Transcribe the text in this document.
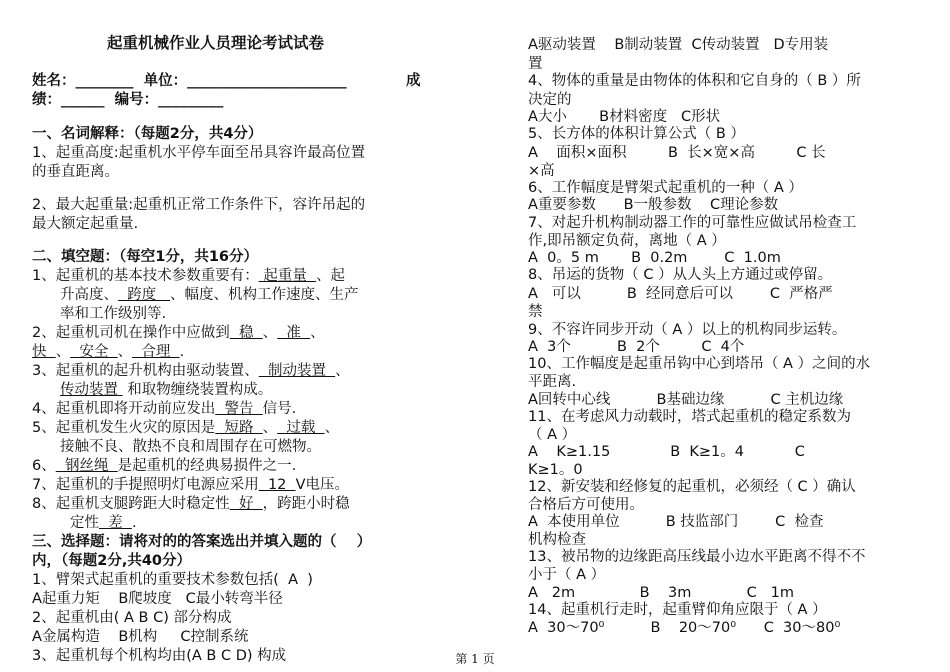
起重机械作业人员理论考试试卷
姓名：________  单位：______________________	成
绩：______  编号：_________
一、名词解释：（每题2分，共4分）
1、起重高度:起重机水平停车面至吊具容许最高位置
的垂直距离。
2、最大起重量:起重机正常工作条件下，容许吊起的
最大额定起重量.
二、填空题：（每空1分，共16分）
1、起重机的基本技术参数重要有： 起重量  、起
升高度、  跨度   、幅度、机构工作速度、生产
率和工作级别等.
2、起重机司机在操作中应做到  稳  、  准  、
快  、  安全  、  合理  .
3、起重机的起升机构由驱动装置、  制动装置  、
传动装置  和取物缠绕装置构成。
4、起重机即将开动前应发出  警告  信号.
5、起重机发生火灾的原因是  短路  、  过载  、
接触不良、散热不良和周围存在可燃物。
6、  钢丝绳  是起重机的经典易损件之一.
7、起重机的手提照明灯电源应采用  12  V电压。
8、起重机支腿跨距大时稳定性  好  ，跨距小时稳
定性  差  .
三、选择题：请将对的的答案选出并填入题的（    ）
内，（每题2分,共40分）
1、臂架式起重机的重要技术参数包括(  A  )
A起重力矩    B爬坡度   C最小转弯半径
2、起重机由( A B C) 部分构成
A金属构造    B机构     C控制系统
3、起重机每个机构均由(A B C D) 构成
A驱动装置    B制动装置  C传动装置   D专用装
置
4、物体的重量是由物体的体积和它自身的（ B ）所
决定的
A大小       B材料密度   C形状
5、长方体的体积计算公式（ B ）
A    面积×面积         B  长×宽×高         C 长
×高
6、工作幅度是臂架式起重机的一种（ A ）
A重要参数      B一般参数    C理论参数
7、对起升机构制动器工作的可靠性应做试吊检查工
作,即吊额定负荷，离地（ A ）
A  0。5 m       B  0.2m        C  1.0m
8、吊运的货物（ C ）从人头上方通过或停留。
A   可以          B  经同意后可以        C  严格严
禁
9、不容许同步开动（ A ）以上的机构同步运转。
A  3个          B  2个         C  4个
10、工作幅度是起重吊钩中心到塔吊（ A ）之间的水
平距离.
A回转中心线          B基础边缘          C 主机边缘
11、在考虑风力动载时，塔式起重机的稳定系数为
（ A ）
A    K≥1.15             B  K≥1。4           C
K≥1。0
12、新安装和经修复的起重机，必须经（ C ）确认
合格后方可使用。
A  本使用单位          B 技监部门        C  检查
机构检查
13、被吊物的边缘距高压线最小边水平距离不得不不
小于（ A ）
A   2m              B    3m            C   1m
14、起重机行走时，起重臂仰角应限于（ A ）
A  30～70⁰          B    20～70⁰      C  30～80⁰
第 1 页
